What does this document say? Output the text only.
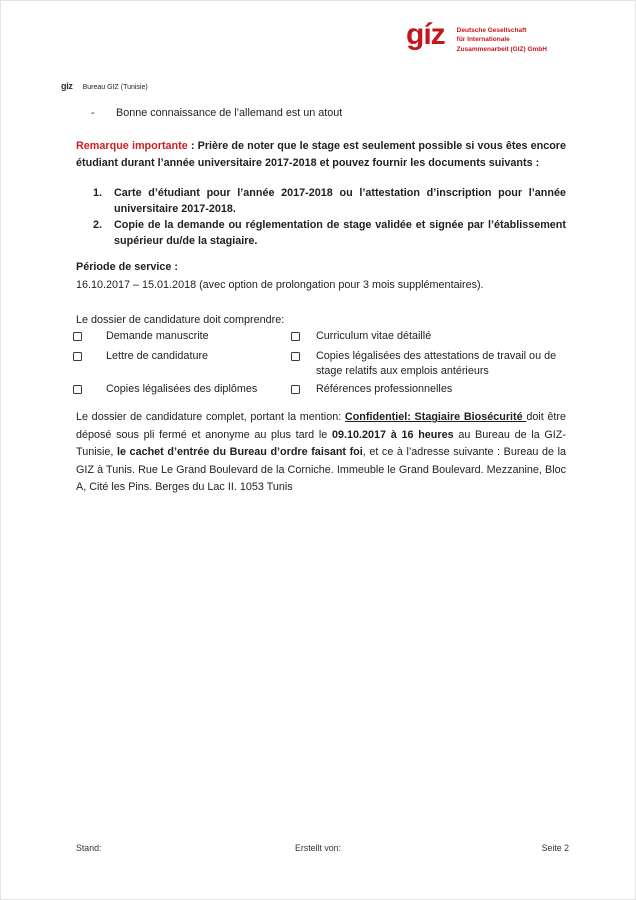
gíz Deutsche Gesellschaft
für Internationale
Zusammenarbeit (GIZ) GmbH
giz Bureau GIZ (Tunisie)
- Bonne connaissance de l’allemand est un atout
Remarque importante : Prière de noter que le stage est seulement possible si vous êtes encore étudiant durant l’année universitaire 2017-2018 et pouvez fournir les documents suivants :
1. Carte d’étudiant pour l’année 2017-2018 ou l’attestation d’inscription pour l’année universitaire 2017-2018.
2. Copie de la demande ou réglementation de stage validée et signée par l’établissement supérieur du/de la stagiaire.
Période de service :
16.10.2017 – 15.01.2018 (avec option de prolongation pour 3 mois supplémentaires).
Le dossier de candidature doit comprendre:
Demande manuscrite	Curriculum vitae détaillé
Lettre de candidature	Copies légalisées des attestations de travail ou de stage relatifs aux emplois antérieurs
Copies légalisées des diplômes	Références professionnelles
Le dossier de candidature complet, portant la mention: Confidentiel: Stagiaire Biosécurité doit être déposé sous pli fermé et anonyme au plus tard le 09.10.2017 à 16 heures au Bureau de la GIZ-Tunisie, le cachet d’entrée du Bureau d’ordre faisant foi, et ce à l’adresse suivante : Bureau de la GIZ à Tunis. Rue Le Grand Boulevard de la Corniche. Immeuble le Grand Boulevard. Mezzanine, Bloc A, Cité les Pins. Berges du Lac II. 1053 Tunis
Stand:	Erstellt von:	Seite 2
